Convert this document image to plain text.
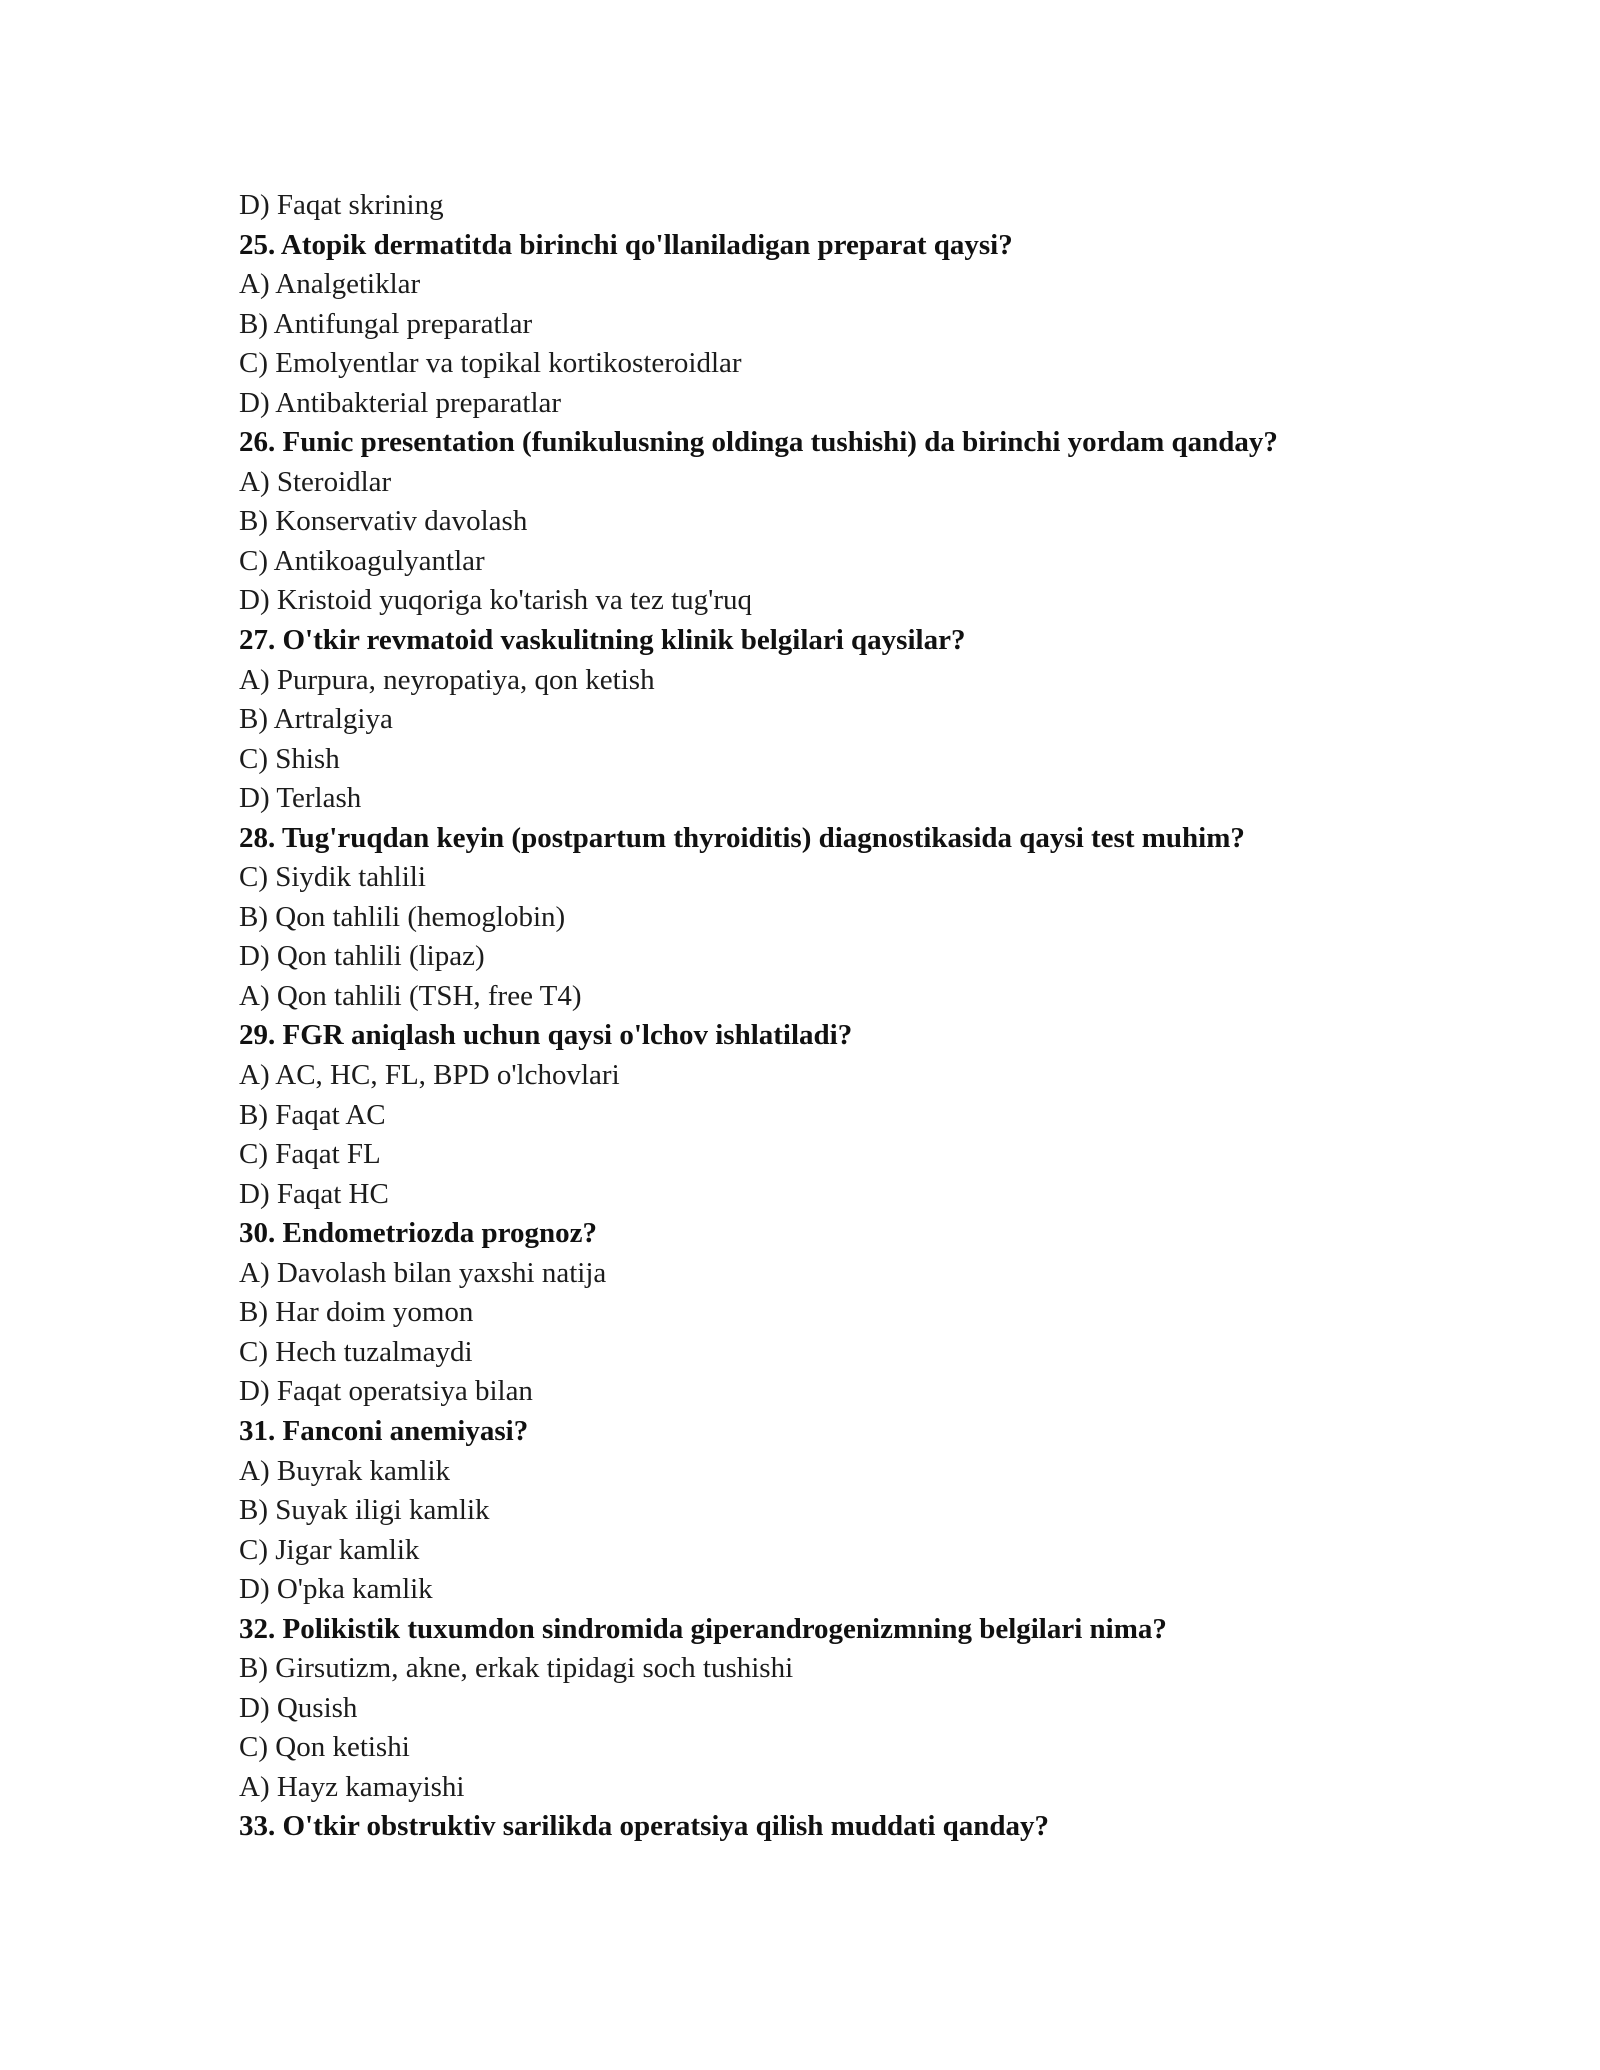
D) Faqat skrining
25. Atopik dermatitda birinchi qo'llaniladigan preparat qaysi?
A) Analgetiklar
B) Antifungal preparatlar
C) Emolyentlar va topikal kortikosteroidlar
D) Antibakterial preparatlar
26. Funic presentation (funikulusning oldinga tushishi) da birinchi yordam qanday?
A) Steroidlar
B) Konservativ davolash
C) Antikoagulyantlar
D) Kristoid yuqoriga ko'tarish va tez tug'ruq
27. O'tkir revmatoid vaskulitning klinik belgilari qaysilar?
A) Purpura, neyropatiya, qon ketish
B) Artralgiya
C) Shish
D) Terlash
28. Tug'ruqdan keyin (postpartum thyroiditis) diagnostikasida qaysi test muhim?
C) Siydik tahlili
B) Qon tahlili (hemoglobin)
D) Qon tahlili (lipaz)
A) Qon tahlili (TSH, free T4)
29. FGR aniqlash uchun qaysi o'lchov ishlatiladi?
A) AC, HC, FL, BPD o'lchovlari
B) Faqat AC
C) Faqat FL
D) Faqat HC
30. Endometriozda prognoz?
A) Davolash bilan yaxshi natija
B) Har doim yomon
C) Hech tuzalmaydi
D) Faqat operatsiya bilan
31. Fanconi anemiyasi?
A) Buyrak kamlik
B) Suyak iligi kamlik
C) Jigar kamlik
D) O'pka kamlik
32. Polikistik tuxumdon sindromida giperandrogenizmning belgilari nima?
B) Girsutizm, akne, erkak tipidagi soch tushishi
D) Qusish
C) Qon ketishi
A) Hayz kamayishi
33. O'tkir obstruktiv sarilikda operatsiya qilish muddati qanday?
